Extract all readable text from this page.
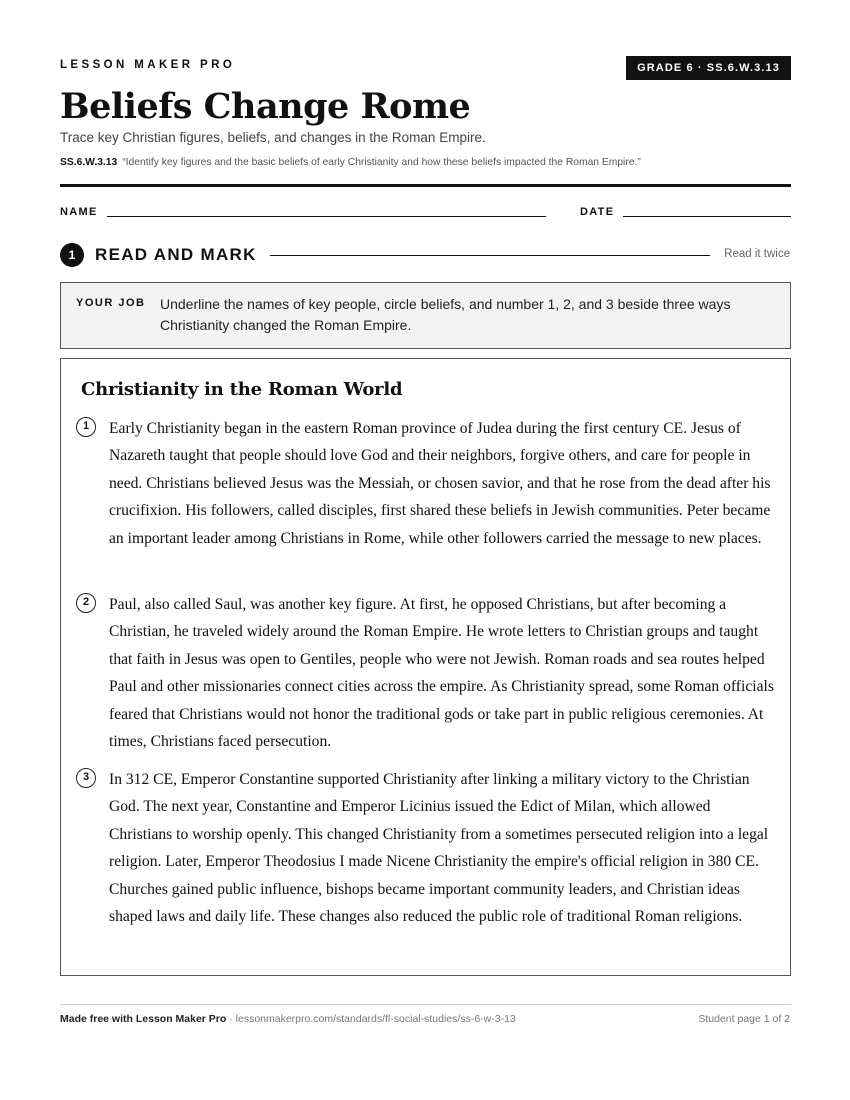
LESSON MAKER PRO	GRADE 6 · SS.6.W.3.13
Beliefs Change Rome
Trace key Christian figures, beliefs, and changes in the Roman Empire.
SS.6.W.3.13 “Identify key figures and the basic beliefs of early Christianity and how these beliefs impacted the Roman Empire.”
NAME	DATE
1	READ AND MARK	Read it twice
YOUR JOB Underline the names of key people, circle beliefs, and number 1, 2, and 3 beside three ways Christianity changed the Roman Empire.
Christianity in the Roman World
1	Early Christianity began in the eastern Roman province of Judea during the first century CE. Jesus of Nazareth taught that people should love God and their neighbors, forgive others, and care for people in need. Christians believed Jesus was the Messiah, or chosen savior, and that he rose from the dead after his crucifixion. His followers, called disciples, first shared these beliefs in Jewish communities. Peter became an important leader among Christians in Rome, while other followers carried the message to new places.
2	Paul, also called Saul, was another key figure. At first, he opposed Christians, but after becoming a Christian, he traveled widely around the Roman Empire. He wrote letters to Christian groups and taught that faith in Jesus was open to Gentiles, people who were not Jewish. Roman roads and sea routes helped Paul and other missionaries connect cities across the empire. As Christianity spread, some Roman officials feared that Christians would not honor the traditional gods or take part in public religious ceremonies. At times, Christians faced persecution.
3	In 312 CE, Emperor Constantine supported Christianity after linking a military victory to the Christian God. The next year, Constantine and Emperor Licinius issued the Edict of Milan, which allowed Christians to worship openly. This changed Christianity from a sometimes persecuted religion into a legal religion. Later, Emperor Theodosius I made Nicene Christianity the empire's official religion in 380 CE. Churches gained public influence, bishops became important community leaders, and Christian ideas shaped laws and daily life. These changes also reduced the public role of traditional Roman religions.
Made free with Lesson Maker Pro · lessonmakerpro.com/standards/fl-social-studies/ss-6-w-3-13	Student page 1 of 2
